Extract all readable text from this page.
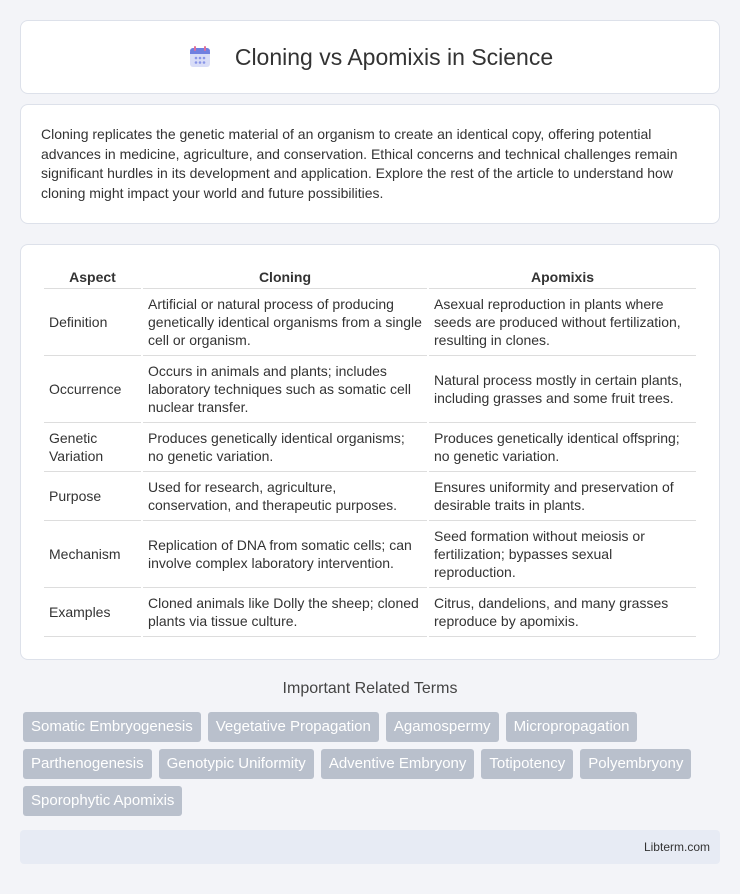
Cloning vs Apomixis in Science

Cloning replicates the genetic material of an organism to create an identical copy, offering potential advances in medicine, agriculture, and conservation. Ethical concerns and technical challenges remain significant hurdles in its development and application. Explore the rest of the article to understand how cloning might impact your world and future possibilities.

Aspect	Cloning	Apomixis
Definition	Artificial or natural process of producing genetically identical organisms from a single cell or organism.	Asexual reproduction in plants where seeds are produced without fertilization, resulting in clones.
Occurrence	Occurs in animals and plants; includes laboratory techniques such as somatic cell nuclear transfer.	Natural process mostly in certain plants, including grasses and some fruit trees.
Genetic Variation	Produces genetically identical organisms; no genetic variation.	Produces genetically identical offspring; no genetic variation.
Purpose	Used for research, agriculture, conservation, and therapeutic purposes.	Ensures uniformity and preservation of desirable traits in plants.
Mechanism	Replication of DNA from somatic cells; can involve complex laboratory intervention.	Seed formation without meiosis or fertilization; bypasses sexual reproduction.
Examples	Cloned animals like Dolly the sheep; cloned plants via tissue culture.	Citrus, dandelions, and many grasses reproduce by apomixis.
Important Related Terms
Somatic Embryogenesis	Vegetative Propagation	Agamospermy	Micropropagation
Parthenogenesis	Genotypic Uniformity	Adventive Embryony	Totipotency	Polyembryony
Sporophytic Apomixis
Libterm.com
